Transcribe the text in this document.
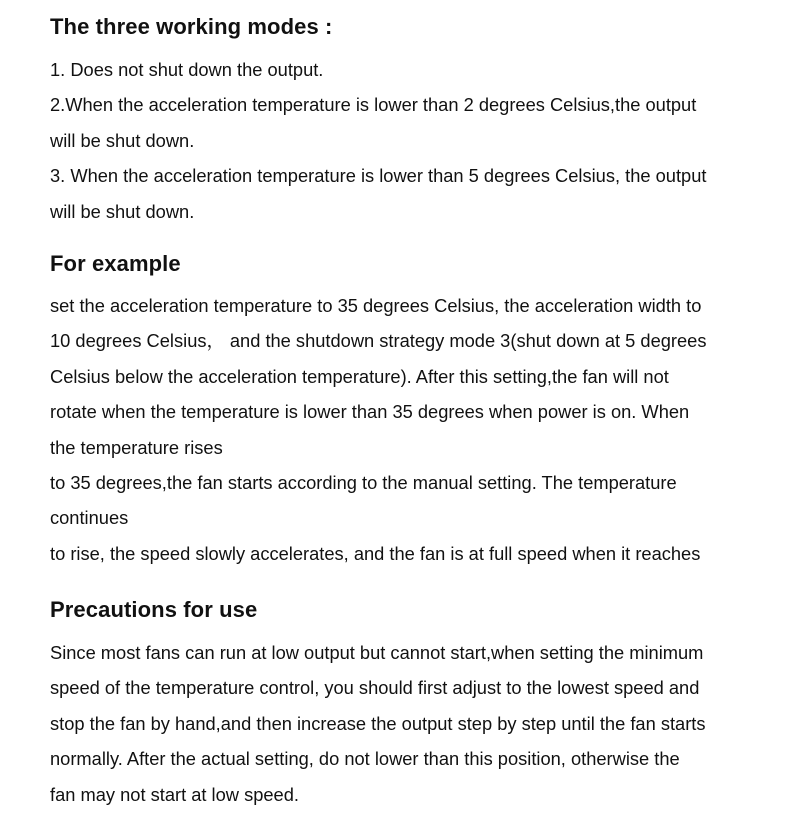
The three working modes :
1. Does not shut down the output.
2.When the acceleration temperature is lower than 2 degrees Celsius,the output
will be shut down.
3. When the acceleration temperature is lower than 5 degrees Celsius, the output
will be shut down.
For example
set the acceleration temperature to 35 degrees Celsius, the acceleration width to
10 degrees Celsius， and the shutdown strategy mode 3(shut down at 5 degrees
Celsius below the acceleration temperature). After this setting,the fan will not
rotate when the temperature is lower than 35 degrees when power is on. When
the temperature rises
to 35 degrees,the fan starts according to the manual setting. The temperature
continues
to rise, the speed slowly accelerates, and the fan is at full speed when it reaches
Precautions for use
Since most fans can run at low output but cannot start,when setting the minimum
speed of the temperature control, you should first adjust to the lowest speed and
stop the fan by hand,and then increase the output step by step until the fan starts
normally. After the actual setting, do not lower than this position, otherwise the
fan may not start at low speed.
